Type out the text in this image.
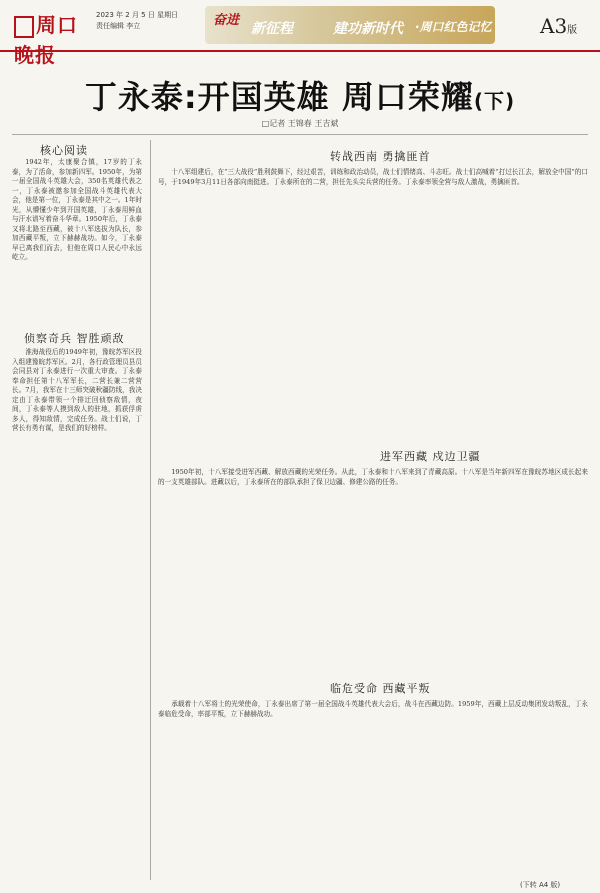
周口晚报
2023 年 2 月 5 日 星期日
责任编辑 李立	奋进
新征程	建功新时代 ·周口红色记忆 A3版
丁永泰:开国英雄 周口荣耀(下)
□记者 王锦春 王吉斌
核心阅读

1942年，太康聚合镇，17岁的丁永泰，为了活命，参加新四军。1950年，为第一届全国战斗英雄大会，350名英雄代表之一，丁永泰被邀参加全国战斗英雄代表大会，他是第一位，丁永泰是其中之一。1年时光，从懵懂少年到开国英雄，丁永泰用鲜血与汗水谱写着奋斗华章。1950年后，丁永泰又将北路至西藏，被十八军选拔为队长，参加西藏平叛，立下赫赫战功。如今，丁永泰早已离我们而去，但他在周口人民心中永远屹立。

侦察奇兵 智胜顽敌

淮海战役后的1949年初，豫皖苏军区投入组建豫皖苏军区。2月，各行政管理员县员会同县对丁永泰进行一次重大审查。丁永泰奉命担任第十八军军长，二营长兼二营营长。7月，我军在十三师突破秋疆防线，我决定由丁永泰带领一个排迂回侦察敌情，夜间，丁永泰等人摸到敌人的驻地，抓获俘虏多人，得知敌情，完成任务。战士们说，丁营长有勇有谋，是我们的好榜样。

转战西南 勇擒匪首

十八军组建后，在“三大战役”胜利鼓舞下，经过艰苦，训练和政治动员，战士们情绪高、斗志旺。战士们高喊着“打过长江去，解放全中国”的口号，于1949年3月11日各部向南挺进。丁永泰所在的二营，担任先头尖兵营的任务。丁永泰率领全营与敌人激战，勇擒匪首。

进军西藏 戍边卫疆

1950年初，十八军接受进军西藏、解放西藏的光荣任务。从此，丁永泰和十八军来到了青藏高原。十八军是当年新四军在豫皖苏地区成长起来的一支英雄部队。进藏以后，丁永泰所在的部队承担了保卫边疆、修建公路的任务。

临危受命 西藏平叛

承载着十八军将士的光荣使命，丁永泰出席了第一届全国战斗英雄代表大会后，战斗在西藏边防。1959年，西藏上层反动集团发动叛乱，丁永泰临危受命，率部平叛，立下赫赫战功。

(下转 A4 版)
